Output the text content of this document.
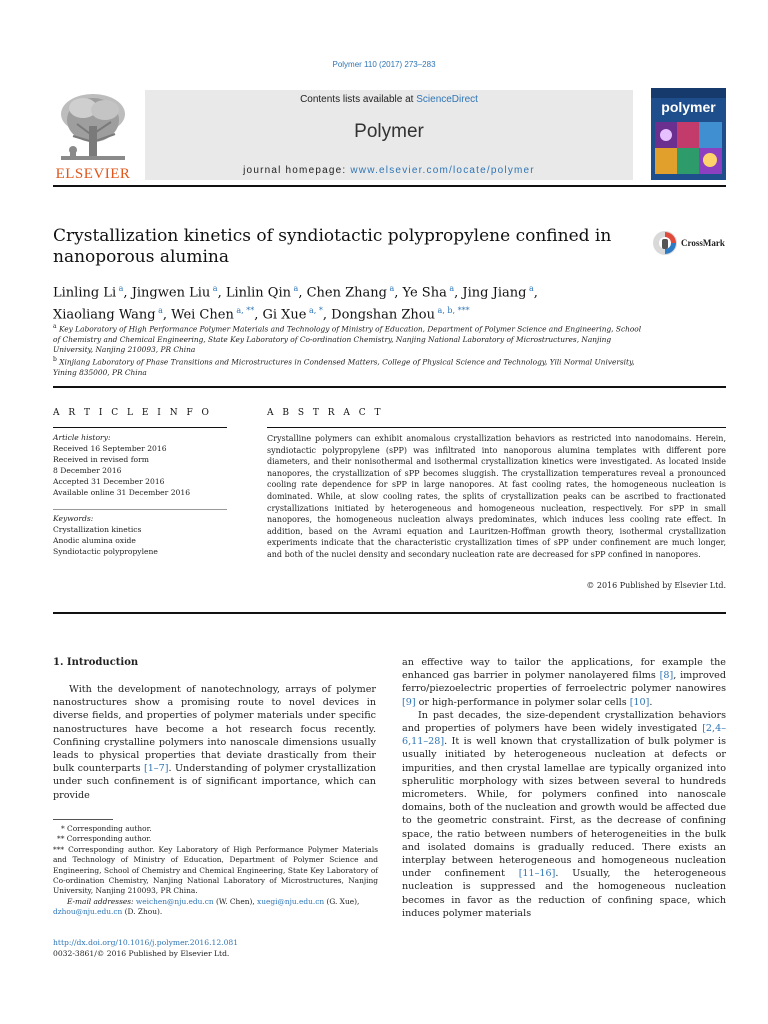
Polymer 110 (2017) 273–283
ELSEVIER
Contents lists available at ScienceDirect
Polymer
journal homepage: www.elsevier.com/locate/polymer
polymer
Crystallization kinetics of syndiotactic polypropylene confined in nanoporous alumina
CrossMark
Linling Li $^a$, Jingwen Liu $^a$, Linlin Qin $^a$, Chen Zhang $^a$, Ye Sha $^a$, Jing Jiang $^a$,
Xiaoliang Wang $^a$, Wei Chen $^{a, **}$, Gi Xue $^{a, *}$, Dongshan Zhou $^{a, b, ***}$
$^a$ Key Laboratory of High Performance Polymer Materials and Technology of Ministry of Education, Department of Polymer Science and Engineering, School of Chemistry and Chemical Engineering, State Key Laboratory of Co-ordination Chemistry, Nanjing National Laboratory of Microstructures, Nanjing University, Nanjing 210093, PR China
$^b$ Xinjiang Laboratory of Phase Transitions and Microstructures in Condensed Matters, College of Physical Science and Technology, Yili Normal University, Yining 835000, PR China
A R T I C L E I N F O
Article history:
Received 16 September 2016
Received in revised form
8 December 2016
Accepted 31 December 2016
Available online 31 December 2016
Keywords:
Crystallization kinetics
Anodic alumina oxide
Syndiotactic polypropylene
A B S T R A C T
Crystalline polymers can exhibit anomalous crystallization behaviors as restricted into nanodomains. Herein, syndiotactic polypropylene (sPP) was infiltrated into nanoporous alumina templates with different pore diameters, and their nonisothermal and isothermal crystallization kinetics were investigated. As located inside nanopores, the crystallization of sPP becomes sluggish. The crystallization temperatures reveal a pronounced cooling rate dependence for sPP in large nanopores. At fast cooling rates, the homogeneous nucleation is dominated. While, at slow cooling rates, the splits of crystallization peaks can be ascribed to fractionated crystallizations initiated by heterogeneous and homogeneous nucleation, respectively. For sPP in small nanopores, the homogeneous nucleation always predominates, which induces less cooling rate effect. In addition, based on the Avrami equation and Lauritzen-Hoffman growth theory, isothermal crystallization experiments indicate that the characteristic crystallization times of sPP under confinement are much longer, and both of the nuclei density and secondary nucleation rate are decreased for sPP confined in nanopores.
© 2016 Published by Elsevier Ltd.
1. Introduction

With the development of nanotechnology, arrays of polymer nanostructures show a promising route to novel devices in diverse fields, and properties of polymer materials under specific nanostructures have become a hot research focus recently. Confining crystalline polymers into nanoscale dimensions usually leads to physical properties that deviate drastically from their bulk counterparts [1–7]. Understanding of polymer crystallization under such confinement is of significant importance, which can provide

* Corresponding author.
** Corresponding author.
*** Corresponding author. Key Laboratory of High Performance Polymer Materials and Technology of Ministry of Education, Department of Polymer Science and Engineering, School of Chemistry and Chemical Engineering, State Key Laboratory of Co-ordination Chemistry, Nanjing National Laboratory of Microstructures, Nanjing University, Nanjing 210093, PR China.
E-mail addresses: weichen@nju.edu.cn (W. Chen), xuegi@nju.edu.cn (G. Xue),
dzhou@nju.edu.cn (D. Zhou).
http://dx.doi.org/10.1016/j.polymer.2016.12.081
0032-3861/© 2016 Published by Elsevier Ltd.

an effective way to tailor the applications, for example the enhanced gas barrier in polymer nanolayered films [8], improved ferro/piezoelectric properties of ferroelectric polymer nanowires [9] or high-performance in polymer solar cells [10].

In past decades, the size-dependent crystallization behaviors and properties of polymers have been widely investigated [2,4–6,11–28]. It is well known that crystallization of bulk polymer is usually initiated by heterogeneous nucleation at defects or impurities, and then crystal lamellae are typically organized into spherulitic morphology with sizes between several to hundreds micrometers. While, for polymers confined into nanoscale domains, both of the nucleation and growth would be affected due to the geometric constraint. First, as the decrease of confining space, the ratio between numbers of heterogeneities in the bulk and isolated domains is gradually reduced. There exists an interplay between heterogeneous and homogeneous nucleation under confinement [11–16]. Usually, the heterogeneous nucleation is suppressed and the homogeneous nucleation becomes in favor as the reduction of confining space, which induces polymer materials
